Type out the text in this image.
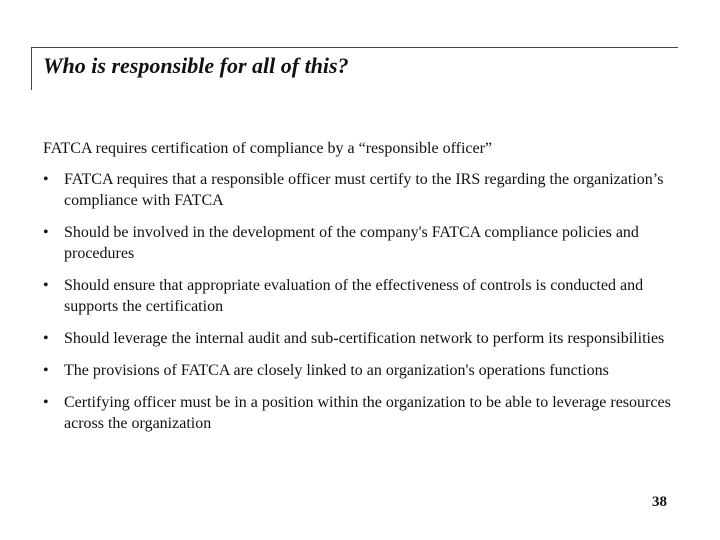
Who is responsible for all of this?

FATCA requires certification of compliance by a “responsible officer”

• FATCA requires that a responsible officer must certify to the IRS regarding the organization’s compliance with FATCA
• Should be involved in the development of the company's FATCA compliance policies and procedures
• Should ensure that appropriate evaluation of the effectiveness of controls is conducted and supports the certification
• Should leverage the internal audit and sub-certification network to perform its responsibilities
• The provisions of FATCA are closely linked to an organization's operations functions
• Certifying officer must be in a position within the organization to be able to leverage resources across the organization
38
